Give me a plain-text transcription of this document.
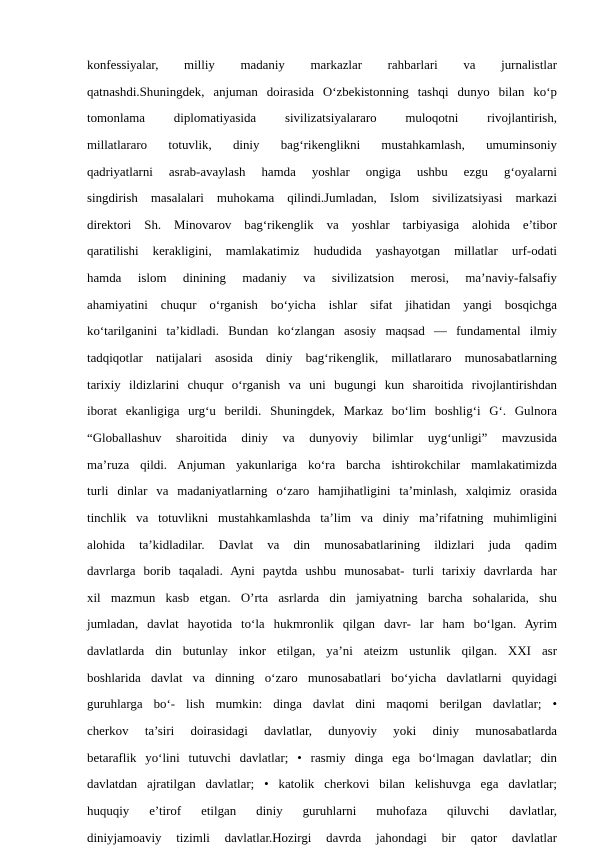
konfessiyalar, milliy madaniy markazlar rahbarlari va jurnalistlar
qatnashdi.Shuningdek, anjuman doirasida O‘zbekistonning tashqi dunyo bilan ko‘p
tomonlama diplomatiyasida sivilizatsiyalararo muloqotni rivojlantirish,
millatlararo totuvlik, diniy bag‘rikenglikni mustahkamlash, umuminsoniy
qadriyatlarni asrab-avaylash hamda yoshlar ongiga ushbu ezgu g‘oyalarni
singdirish masalalari muhokama qilindi.Jumladan, Islom sivilizatsiyasi markazi
direktori Sh. Minovarov bag‘rikenglik va yoshlar tarbiyasiga alohida e’tibor
qaratilishi kerakligini, mamlakatimiz hududida yashayotgan millatlar urf-odati
hamda islom dinining madaniy va sivilizatsion merosi, ma’naviy-falsafiy
ahamiyatini chuqur o‘rganish bo‘yicha ishlar sifat jihatidan yangi bosqichga
ko‘tarilganini ta’kidladi. Bundan ko‘zlangan asosiy maqsad — fundamental ilmiy
tadqiqotlar natijalari asosida diniy bag‘rikenglik, millatlararo munosabatlarning
tarixiy ildizlarini chuqur o‘rganish va uni bugungi kun sharoitida rivojlantirishdan
iborat ekanligiga urg‘u berildi. Shuningdek, Markaz bo‘lim boshlig‘i G‘. Gulnora
“Globallashuv sharoitida diniy va dunyoviy bilimlar uyg‘unligi” mavzusida
ma’ruza qildi. Anjuman yakunlariga ko‘ra barcha ishtirokchilar mamlakatimizda
turli dinlar va madaniyatlarning o‘zaro hamjihatligini ta’minlash, xalqimiz orasida
tinchlik va totuvlikni mustahkamlashda ta’lim va diniy ma’rifatning muhimligini
alohida ta’kidladilar. Davlat va din munosabatlarining ildizlari juda qadim
davrlarga borib taqaladi. Ayni paytda ushbu munosabat- turli tarixiy davrlarda har
xil mazmun kasb etgan. O’rta asrlarda din jamiyatning barcha sohalarida, shu
jumladan, davlat hayotida to‘la hukmronlik qilgan davr- lar ham bo‘lgan. Ayrim
davlatlarda din butunlay inkor etilgan, ya’ni ateizm ustunlik qilgan. XXI asr
boshlarida davlat va dinning o‘zaro munosabatlari bo‘yicha davlatlarni quyidagi
guruhlarga bo‘- lish mumkin: dinga davlat dini maqomi berilgan davlatlar; •
cherkov ta’siri doirasidagi davlatlar, dunyoviy yoki diniy munosabatlarda
betaraflik yo‘lini tutuvchi davlatlar; • rasmiy dinga ega bo‘lmagan davlatlar; din
davlatdan ajratilgan davlatlar; • katolik cherkovi bilan kelishuvga ega davlatlar;
huquqiy e’tirof etilgan diniy guruhlarni muhofaza qiluvchi davlatlar,
diniyjamoaviy tizimli davlatlar.Hozirgi davrda jahondagi bir qator davlatlar
